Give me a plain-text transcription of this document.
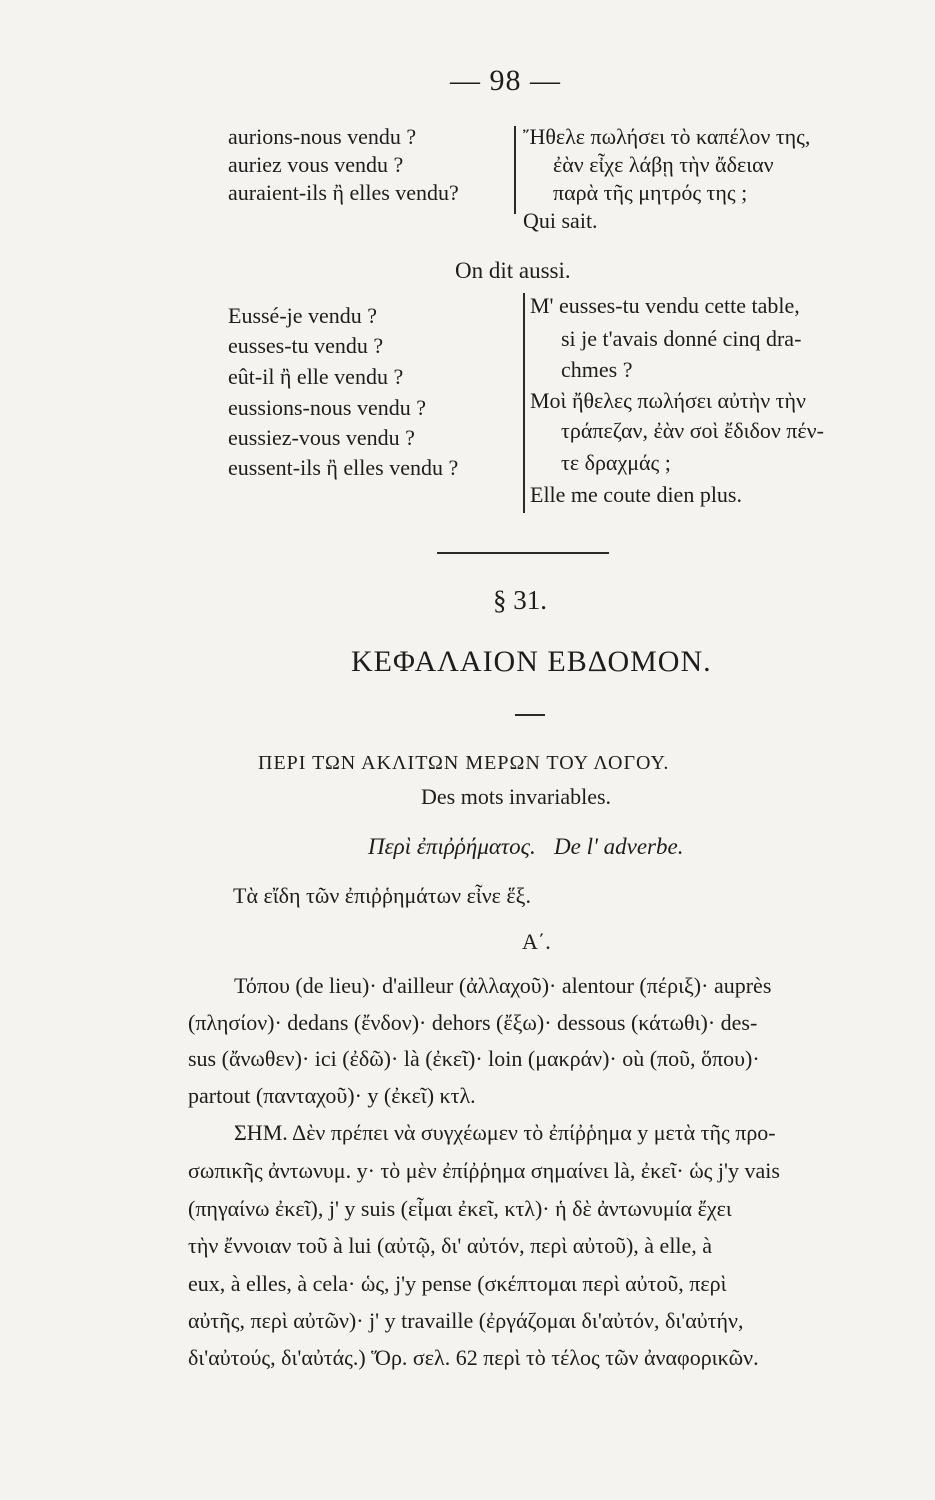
— 98 —
aurions-nous vendu ?
auriez vous vendu ?
auraient-ils ἢ elles vendu?
Ἤθελε πωλήσει τὸ καπέλον της,
ἐὰν εἶχε λάβῃ τὴν ἄδειαν
παρὰ τῆς μητρός της ;
Qui sait.
On dit aussi.
Eussé-je vendu ?
eusses-tu vendu ?
eût-il ἢ elle vendu ?
eussions-nous vendu ?
eussiez-vous vendu ?
eussent-ils ἢ elles vendu ?
M' eusses-tu vendu cette table,
si je t'avais donné cinq dra-
chmes ?
Μοὶ ἤθελες πωλήσει αὐτὴν τὴν
τράπεζαν, ἐὰν σοὶ ἔδιδον πέν-
τε δραχμάς ;
Elle me coute dien plus.
§ 31.
ΚΕΦΑΛΑΙΟΝ ΕΒΔΟΜΟΝ.
ΠΕΡΙ ΤΩΝ ΑΚΛΙΤΩΝ ΜΕΡΩΝ ΤΟΥ ΛΟΓΟΥ.
Des mots invariables.
Περὶ ἐπιῤῥήματος. De l' adverbe.
Τὰ εἴδη τῶν ἐπιῤῥημάτων εἶνε ἕξ.
Α΄.
Τόπου (de lieu)· d'ailleur (ἀλλαχοῦ)· alentour (πέριξ)· auprès
(πλησίον)· dedans (ἔνδον)· dehors (ἔξω)· dessous (κάτωθι)· des-
sus (ἄνωθεν)· ici (ἐδῶ)· là (ἐκεῖ)· loin (μακράν)· où (ποῦ, ὅπου)·
partout (πανταχοῦ)· y (ἐκεῖ) κτλ.
ΣΗΜ. Δὲν πρέπει νὰ συγχέωμεν τὸ ἐπίῤῥημα y μετὰ τῆς προ-
σωπικῆς ἀντωνυμ. y· τὸ μὲν ἐπίῤῥημα σημαίνει là, ἐκεῖ· ὡς j'y vais
(πηγαίνω ἐκεῖ), j' y suis (εἶμαι ἐκεῖ, κτλ)· ἡ δὲ ἀντωνυμία ἔχει
τὴν ἔννοιαν τοῦ à lui (αὐτῷ, δι' αὐτόν, περὶ αὐτοῦ), à elle, à
eux, à elles, à cela· ὡς, j'y pense (σκέπτομαι περὶ αὐτοῦ, περὶ
αὐτῆς, περὶ αὐτῶν)· j' y travaille (ἐργάζομαι δι'αὐτόν, δι'αὐτήν,
δι'αὐτούς, δι'αὐτάς.) Ὅρ. σελ. 62 περὶ τὸ τέλος τῶν ἀναφορικῶν.
